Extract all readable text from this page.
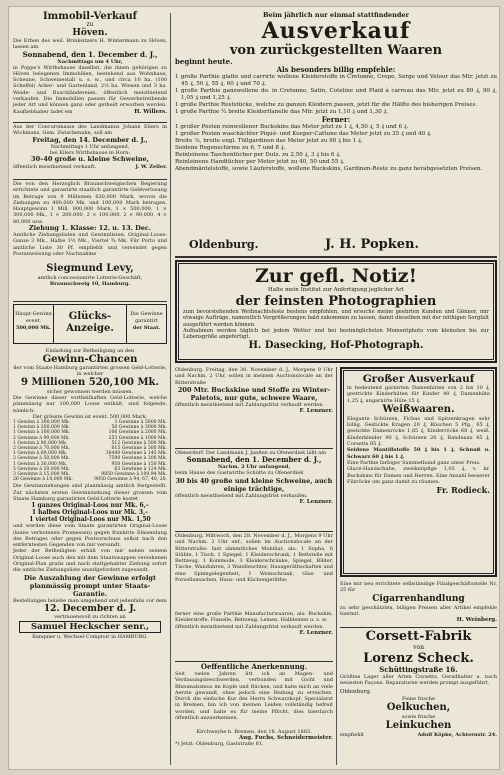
Immobil-Verkauf
zu
Höven.
Die Erben des weil. Brinksitzers H. Wintermann zu Höven, lassen am
Sonnabend, den 1. December d. J.,
Nachmittags um 4 Uhr,
in Poppe's Wirthshause daselbst, die ihnen gehörigen zu Höven belegenen Immobilien, bestehend aus Wohnhaus, Scheune, Schweinestall u. s. w., und circa 10 ha. (100 Scheffel) Acker- und Gartenland, 2½ ha. Wiesen und 3 ha. Weide- und Buschländereien, öffentlich meistbietend verkaufen. Die Immobilien passen für Gewerbetreibende jeder Art und können ganz oder getheilt erworben werden. Kaufliebhaber ladet ein	H. Willers.
Aus der Concursmasse des Landmanns Johann Eilers in Wichmans, Gem. Zwischenahn, soll am
Freitag, den 14. December d. J.,
Nachmittags 1 Uhr anfangend,
bei Eilers Wirthshause in Horn:
30–40 große u. kleine Schweine,
öffentlich meistbietend verkauft.	J. W. Zeller.
Die von den Herzoglich Braunschweigischen Regierung errichtete und garantirte staatlich garantirte Geldverlosung im Betrage von 9 Millionen 630,000 Mark, wovon die Ziehungen zu 400,000 Mk. und 100,000 Mark betragen. Hauptgewinn 1 Mill. 800,000 Mark, 1 × 500,000, 1 × 300,000 Mk., 1 × 200,000, 2 × 100,000, 2 × 90,000, 4 × 80,000 usw.
Ziehung 1. Klasse: 12. u. 13. Dec.
Amtliche Ziehungslisten und Gewinnlisten. Original-Loose: Ganze 3 Mk., Halbe 1½ Mk., Viertel ¾ Mk. Für Porto und amtliche Liste 30 Pf. empfiehlt und versendet gegen Postanweisung oder Nachnahme
Siegmund Levy,
amtlich concessionirte Lotterie-Geschäft,
Braunschweig 10, Hamburg.
Haupt-Gewinn event.
500,000 Mk.
Glücks-Anzeige.
Die Gewinne garantirt
der Staat.
Einladung zur Betheiligung an den
Gewinn-Chancen
der vom Staate Hamburg garantirten grossen Geld-Lotterie, in welcher
9 Millionen 520,100 Mk.
sicher gewonnen werden müssen.
Die Gewinne dieser vortheilhaften Geld-Lotterie, welche planmässig nur 100,000 Loose enthält, sind folgende, nämlich:
Der grösste Gewinn ist event. 500,000 Mark.
1 Gewinn à 300,000 Mk.	3 Gewinne à 5000 Mk.
1 Gewinn à 200,000 Mk.	56 Gewinne à 3000 Mk.
1 Gewinn à 100,000 Mk.	106 Gewinne à 2000 Mk.
2 Gewinne à 90,000 Mk.	253 Gewinne à 1000 Mk.
1 Gewinn à 80,000 Mk.	512 Gewinne à 500 Mk.
2 Gewinne à 70,000 Mk.	615 Gewinne à 300 Mk.
1 Gewinn à 60,000 Mk.	36440 Gewinne à 145 Mk.
2 Gewinne à 50,000 Mk.	7590 Gewinne à 200 Mk.
1 Gewinn à 30,000 Mk.	950 Gewinne à 150 Mk.
5 Gewinne à 20,000 Mk.	63 Gewinne à 124 Mk.
3 Gewinne à 15,000 Mk.	9850 Gewinne à 100,94 Mk.
26 Gewinne à 10,000 Mk.	9850 Gewinne à 94, 67, 40, 20.
Die Gewinnziehungen sind planmässig amtlich festgestellt. Zur nächsten ersten Gewinnziehung dieser grossen vom Staate Hamburg garantirten Geld-Lotterie kostet
1 ganzes Original-Loos nur Mk. 6,–
1 halbes Original-Loos nur Mk. 3,–
1 viertel Original-Loos nur Mk. 1,50
und werden diese vom Staate garantirten Original-Loose (keine verbotenen Promessen) gegen frankirte Einsendung des Betrages oder gegen Postvorschuss selbst nach den entferntesten Gegenden von mir versandt.
Jeder der Betheiligten erhält von mir neben seinem Original-Loose auch den mit dem Staatswappen versehenen Original-Plan gratis und nach stattgehabter Ziehung sofort die amtliche Ziehungsliste unaufgefordert zugesandt.
Die Auszahlung der Gewinne erfolgt planmässig prompt unter Staats-Garantie.
Bestellungen beliebe man umgehend und jedenfalls vor dem
12. December d. J.
vertrauensvoll zu richten an
Samuel Heckscher senr.,
Banquier u. Wechsel-Comptoir in HAMBURG.
Beim jährlich nur einmal stattfindender
Ausverkauf
von zurückgestellten Waaren
beginnt heute.
Als besonders billig empfehle:
1 große Parthie glatte und carrirte wollene Kleiderstoffe in Cretonne, Crepe, Serge und Velour das Mtr. jetzt zu 45 ₰, 50 ₰, 55 ₰, 60 ₰ und 70 ₰.
1 große Parthie ganzwollene do. in Cretonne, Satin, Coteline und Plaid à carreau das Mtr. jetzt zu 80 ₰, 90 ₰, 1,05 ₰ und 1,25 ₰.
1 große Parthie Reststücke, welche zu ganzen Kleidern passen, jetzt für die Hälfte des bisherigen Preises.
1 große Parthie ¼ breite Kleiderflanelle das Mtr. jetzt zu 1,10 ₰ und 1,30 ₰.
Ferner:
1 großer Posten reinwollener Buckskins das Meter jetzt zu 1 ₰, 4,50 ₰, 5 ₰ und 6 ₰.
1 großer Posten waschächter Piqué- und Koeper-Cattune das Meter jetzt zu 35 ₰ und 40 ₰.
Breite ⅞, breite engl. Tüllgardinen das Meter jetzt zu 90 ₰ bis 1 ₰.
Seidene Regenschirme zu 6, 7 und 8 ₰.
Reinleinene Taschentücher per Dutz. zu 2,50 ₰, 3 ₰ bis 6 ₰.
Reinleinene Handtücher per Meter jetzt zu 40, 50 und 55 ₰.
Abendmäntelstoffe, sowie Läuferstoffe, wollene Buckskins, Gardinen-Reste zu ganz herabgesetzten Preisen.
Oldenburg.	J. H. Popken.
Zur gefl. Notiz!
Halte mein Institut zur Anfertigung jeglicher Art
der feinsten Photographien
zum bevorstehenden Weihnachtsfeste bestens empfohlen, und ersuche meine geehrten Kunden und Gönner, mir etwaige Aufträge, namentlich Vergrößerungen bald zukommen zu lassen, damit dieselben mit der nöthigen Sorgfalt ausgeführt werden können.
Aufnahmen werden täglich bei jedem Wetter und bei bestmöglichsten Momentphoto vom kleinsten bis zur Lebensgröße angefertigt.
H. Dasecking, Hof-Photograph.
Oldenburg. Freitag, den 30. November d. J., Morgens 9 Uhr und Nachm. 2 Uhr, sollen in meinem Auctionslocale an der Ritterstraße
200 Mtr. Buckskine und Stoffe zu Winter-Paletots, nur gute, schwere Waare,
öffentlich meistbietend mit Zahlungsfrist verkauft werden.
F. Lenzner.
Ofenerdorf. Der Landmann J. Janßen zu Ofenerdiek läßt am
Sonnabend, den 1. December d. J.,
Nachm. 2 Uhr anfangend,
beim Hause des Gastwirths Schütte zu Ofenerdiek
30 bis 40 große und kleine Schweine, auch einige trächtige,
öffentlich meistbietend mit Zahlungsfrist verkaufen.
F. Lenzner.
Oldenburg. Mittwoch, den 28. November d. J., Morgens 9 Uhr und Nachm. 2 Uhr anf., sollen im Auctionslocale an der Ritterstraße: fast sämmtliches Mobiliar, als: 1 Sopha, 6 Stühle, 1 Tisch, 1 Spiegel, 1 Kleiderschrank, 1 Bettstelle mit Bettzeug, 1 Kommode, 3 Kleiderschränke, Spiegel, Bilder, Tische, Wanduhren, 3 Wandleuchter, Hausgeräthschaften und eine Spinngelegenheit, 1 Weinschrank, Glas- und Porzellansachen, Haus- und Küchengeräthe;
ferner eine große Parthie Manufacturwaaren, als: Buckskin, Kleiderstoffe, Flanelle, Bettzeug, Leinen, Halbleinen u. s. w.
öffentlich meistbietend mit Zahlungsfrist verkauft werden.
F. Lenzner.
Oeffentliche Anerkennung.
Seit vielen Jahren litt ich an Magen- und Verdauungsbeschwerden, verbunden mit Gicht und Rheumatismus im Kopfe und Rücken, und habe mich an viele Aerzte gewandt, ohne jedoch eine Heilung zu erreichen. Durch die einfache Kur des Herrn Schwarzkopf, Specialarzt in Bremen, bin ich von meinen Leiden vollständig befreit worden, und halte es für meine Pflicht, dies hierdurch öffentlich anzuerkennen.
Kirchweyhe b. Bremen, den 18. August 1883.
Aug. Fuchs, Schneidermeister.
*) Jetzt: Oldenburg, Gaststraße 61.
Großer Ausverkauf
in bedeutend garnirten Damenhüten von 2 bis 10 ₰, gestrickte Kinderhüten für Kinder 40 ₰, Damenhüte 1,25 ₰, ungarnirte Hüte 15 ₰.
Weißwaaren.
Elegante Schürzen, Fichus und Spitzenkragen sehr billig. Gestickte Kragen 20 ₰, Rüschen 5 Pfg., 65 ₰, gestickte Damenröcke 1,85 ₰, Kinderröcke 68 ₰, weiß. Kinderkleider 90 ₰, Schürzen 20 ₰, Bandeaux 45 ₰, Corsetts 85 ₰.
Seidene Mantillstoffe 50 ₰ bis 1 ₰. Schnuß u. Schwarz 60 ₰ bis 1 ₰.
Eine Parthie farbiger Sammetband ganz unter Preis.
Glacé-Handschuhe, zweiknöpfige 1,05 ₰, v. kr. Buckskins für Damen und Herren. Eine Anzahl besserer Filzröcke um ganz damit zu räumen.
Fr. Rodieck.
Eine mir neu errichtete selbständige Filialgeschäftsstelle Nr. 25 für
Cigarrenhandlung
zu sehr geschätzten, billigen Preisen aller Artikel empfehle hiermit.
H. Weinberg.
Corsett-Fabrik
von
Lorenz Scheck.
Schüttingstraße 16.
Größtes Lager aller Arten Corsetts, Geradhalter u. nach neuesten Façons. Reparaturen werden prompt ausgeführt.
Oldenburg.
Feine frische
Oelkuchen,
sowie frische
Leinkuchen
empfiehlt	Adolf Köpke, Achternstr. 24.
